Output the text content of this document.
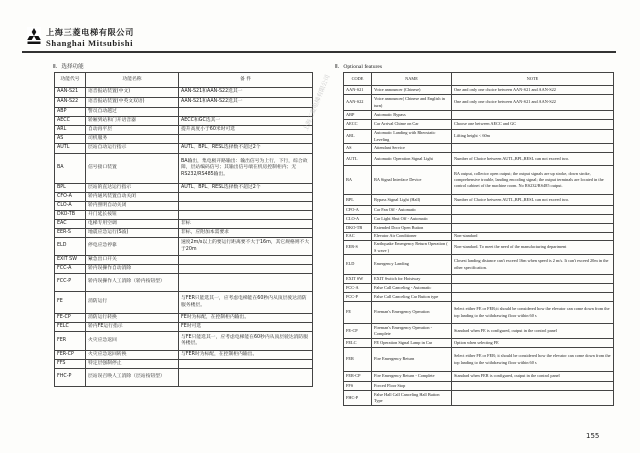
上海三菱电梯有限公司
Shanghai Mitsubishi
Ⅱ．选择功能	Ⅱ．Optional features
功能代号	功能名称	备 件
AAN-S21	语音报站装置(中文)	AAN-S21和AAN-S22选其一
AAN-S22	语音报站装置(中英文双语)	AAN-S21和AAN-S22选其一
ABP	警员自动越过	
AECC	轿厢到站和门开语音器	AECC和GC选其一
ARL	自动再平层	提升高度小于60米时可选
AS	司机服务	
AUTL	层站自动运行指示	AUTL、BPL、RESL选择数不超过2个
BA	信号接口装置	BA输出，集电极开路输出：输出信号为上行，下行，综合故障，层站编码信号；其输出信号端在机房控制柜内；无RS232/RS485输出。
BPL	层站的直达运行指示	AUTL、BPL、RESL选择数不超过2个
CFO-A	轿内通风装置自动关闭	
CLO-A	轿内照明自动关闭	
DKO-TB	开门延长按钮	
EAC	电梯专用空调	非标
EER-S	地震应急运行(S波)	非标，应附加本需要求
ELD	停电应急停靠	速度2m/s以上的要运行距离要不大于16m，其它规格则不大于20m
EXIT SW	紧急出口开关	
FCC-A	轿内误操作自动消除	
FCC-P	轿内误操作人工消除（轿内按钮型）	
FE	消防运行	与FER只能选其一，应考虑电梯能在60秒内从顶层驶达消防服务楼层。
FE-CP	消防运行转换	FE时为标配，在控制柜内输出。
FELC	轿内FE运行指示	FE时可选
FER	火灾应急返回	与FE只能选其一，应考虑电梯能在60秒内从顶层驶达消防服务楼层。
FER-CP	火灾应急返回转换	与FER时为标配，在控制柜内输出。
FFS	特定层强制停止	
FHC-P	层站误召唤人工消除（层站按钮型）	
上海三菱电梯有限公司	CODE	NAME	NOTE
AAN-S21	Voice announcer (Chinese)	One and only one choice between AAN-S21 and AAN-S22
AAN-S22	Voice announcer( Chinese and English in turn)	One and only one choice between AAN-S21 and AAN-S22
ABP	Automatic Bypass	
AECC	Car Arrival Chime on Car	Choose one between AECC and GC
ARL	Automatic Landing with Rheostatic Leveling	Lifting height < 60m
AS	Attendant Service	
AUTL	Automatic Operation Signal Light	Number of Choice between AUTL,BPL,RESL can not exceed two.
BA	BA Signal Interface Device	BA output, collector open output; the output signals are up stroke, down stroke, comprehensive trouble, landing encoding signal; the output terminals are located in the control cabinet of the machine room. No RS232/RS485 output.
BPL	Bypass Signal Light (Hall)	Number of Choice between AUTL,BPL,RESL can not exceed two.
CFO-A	Car Fan Off - Automatic	
CLO-A	Car Light Shut Off - Automatic	
DKO-TB	Extended Door Open Button	
EAC	Elevator Air Conditioner	Non-standard
EER-S	Earthquake Emergency Return Operation ( S wave )	Non-standard. To meet the need of the manufacturing department
ELD	Emergency Landing	Closest landing distance can't exceed 16m when speed is 2 m/s. It can't exceed 20m in the other specification.
EXIT SW	EXIT Switch for Hoistway	
FCC-A	False Call Canceling - Automatic	
FCC-P	False Call Canceling Car Button type	
FE	Fireman's Emergency Operation	Select either FE or FER;it should be considered how the elevator can come down from the top landing to the withdrawing floor within 60 s
FE-CP	Fireman's Emergency Operation - Complete	Standard when FE is configured, output in the control panel
FELC	FE Operation Signal Lamp in Car	Option when selecting FE
FER	Fire Emergency Return	Select either FE or FER; it should be considered how the elevator can come down from the top landing to the withdrawing floor within 60 s
FER-CP	Fire Emergency Return - Complete	Standard when FER is configured, output in the control panel
FFS	Forced Floor Stop	
FHC-P	False Hall Call Canceling Hall Button Type	
155
